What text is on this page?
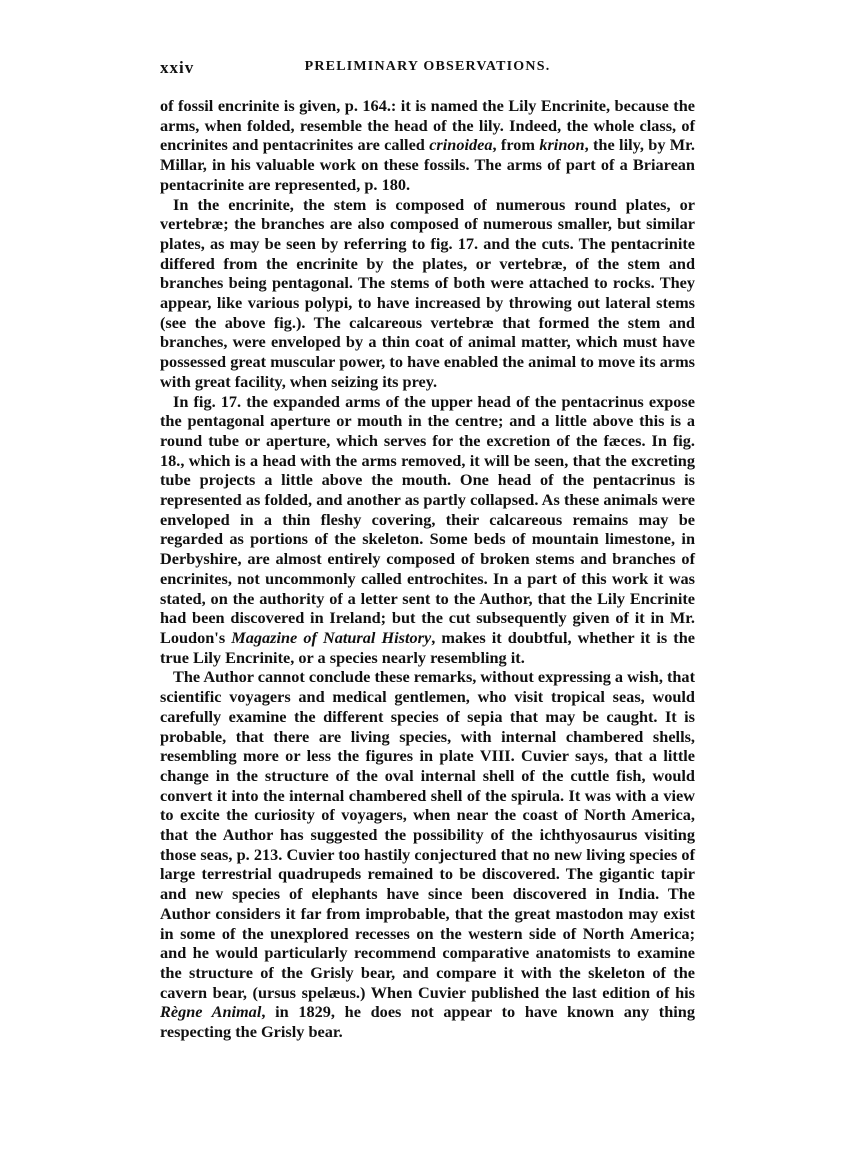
xxiv	PRELIMINARY OBSERVATIONS.

of fossil encrinite is given, p. 164.: it is named the Lily Encrinite, because the arms, when folded, resemble the head of the lily. Indeed, the whole class, of encrinites and pentacrinites are called crinoidea, from krinon, the lily, by Mr. Millar, in his valuable work on these fossils. The arms of part of a Briarean pentacrinite are represented, p. 180.

In the encrinite, the stem is composed of numerous round plates, or vertebræ; the branches are also composed of numerous smaller, but similar plates, as may be seen by referring to fig. 17. and the cuts. The pentacrinite differed from the encrinite by the plates, or vertebræ, of the stem and branches being pentagonal. The stems of both were attached to rocks. They appear, like various polypi, to have increased by throwing out lateral stems (see the above fig.). The calcareous vertebræ that formed the stem and branches, were enveloped by a thin coat of animal matter, which must have possessed great muscular power, to have enabled the animal to move its arms with great facility, when seizing its prey.

In fig. 17. the expanded arms of the upper head of the pentacrinus expose the pentagonal aperture or mouth in the centre; and a little above this is a round tube or aperture, which serves for the excretion of the fæces. In fig. 18., which is a head with the arms removed, it will be seen, that the excreting tube projects a little above the mouth. One head of the pentacrinus is represented as folded, and another as partly collapsed. As these animals were enveloped in a thin fleshy covering, their calcareous remains may be regarded as portions of the skeleton. Some beds of mountain limestone, in Derbyshire, are almost entirely composed of broken stems and branches of encrinites, not uncommonly called entrochites. In a part of this work it was stated, on the authority of a letter sent to the Author, that the Lily Encrinite had been discovered in Ireland; but the cut subsequently given of it in Mr. Loudon's Magazine of Natural History, makes it doubtful, whether it is the true Lily Encrinite, or a species nearly resembling it.

The Author cannot conclude these remarks, without expressing a wish, that scientific voyagers and medical gentlemen, who visit tropical seas, would carefully examine the different species of sepia that may be caught. It is probable, that there are living species, with internal chambered shells, resembling more or less the figures in plate VIII. Cuvier says, that a little change in the structure of the oval internal shell of the cuttle fish, would convert it into the internal chambered shell of the spirula. It was with a view to excite the curiosity of voyagers, when near the coast of North America, that the Author has suggested the possibility of the ichthyosaurus visiting those seas, p. 213. Cuvier too hastily conjectured that no new living species of large terrestrial quadrupeds remained to be discovered. The gigantic tapir and new species of elephants have since been discovered in India. The Author considers it far from improbable, that the great mastodon may exist in some of the unexplored recesses on the western side of North America; and he would particularly recommend comparative anatomists to examine the structure of the Grisly bear, and compare it with the skeleton of the cavern bear, (ursus spelæus.) When Cuvier published the last edition of his Règne Animal, in 1829, he does not appear to have known any thing respecting the Grisly bear.
